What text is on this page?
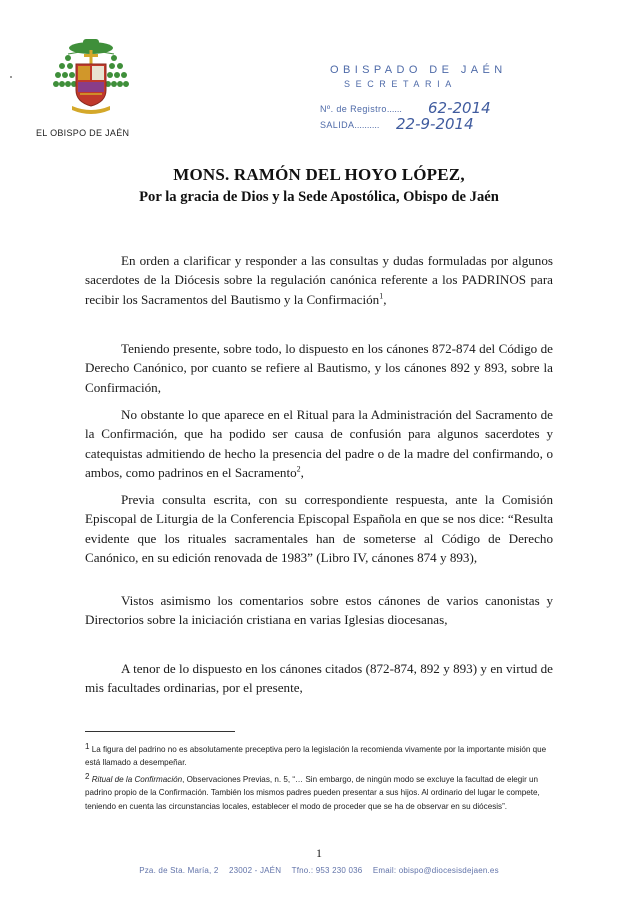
EL OBISPO DE JAÉN
OBISPADO DE JAÉN
SECRETARIA
Nº. de Registro......
SALIDA..........
62-2014
22-9-2014
MONS. RAMÓN DEL HOYO LÓPEZ,
Por la gracia de Dios y la Sede Apostólica, Obispo de Jaén

En orden a clarificar y responder a las consultas y dudas formuladas por algunos sacerdotes de la Diócesis sobre la regulación canónica referente a los PADRINOS para recibir los Sacramentos del Bautismo y la Confirmación$^1$,

Teniendo presente, sobre todo, lo dispuesto en los cánones 872-874 del Código de Derecho Canónico, por cuanto se refiere al Bautismo, y los cánones 892 y 893, sobre la Confirmación,

No obstante lo que aparece en el Ritual para la Administración del Sacramento de la Confirmación, que ha podido ser causa de confusión para algunos sacerdotes y catequistas admitiendo de hecho la presencia del padre o de la madre del confirmando, o ambos, como padrinos en el Sacramento$^2$,

Previa consulta escrita, con su correspondiente respuesta, ante la Comisión Episcopal de Liturgia de la Conferencia Episcopal Española en que se nos dice: “Resulta evidente que los rituales sacramentales han de someterse al Código de Derecho Canónico, en su edición renovada de 1983” (Libro IV, cánones 874 y 893),

Vistos asimismo los comentarios sobre estos cánones de varios canonistas y Directorios sobre la iniciación cristiana en varias Iglesias diocesanas,

A tenor de lo dispuesto en los cánones citados (872-874, 892 y 893) y en virtud de mis facultades ordinarias, por el presente,

1 La figura del padrino no es absolutamente preceptiva pero la legislación la recomienda vivamente por la importante misión que está llamado a desempeñar.

2 Ritual de la Confirmación, Observaciones Previas, n. 5, “… Sin embargo, de ningún modo se excluye la facultad de elegir un padrino propio de la Confirmación. También los mismos padres pueden presentar a sus hijos. Al ordinario del lugar le compete, teniendo en cuenta las circunstancias locales, establecer el modo de proceder que se ha de observar en su diócesis”.

1
Pza. de Sta. María, 2 23002 - JAÉN Tfno.: 953 230 036 Email: obispo@diocesisdejaen.es
